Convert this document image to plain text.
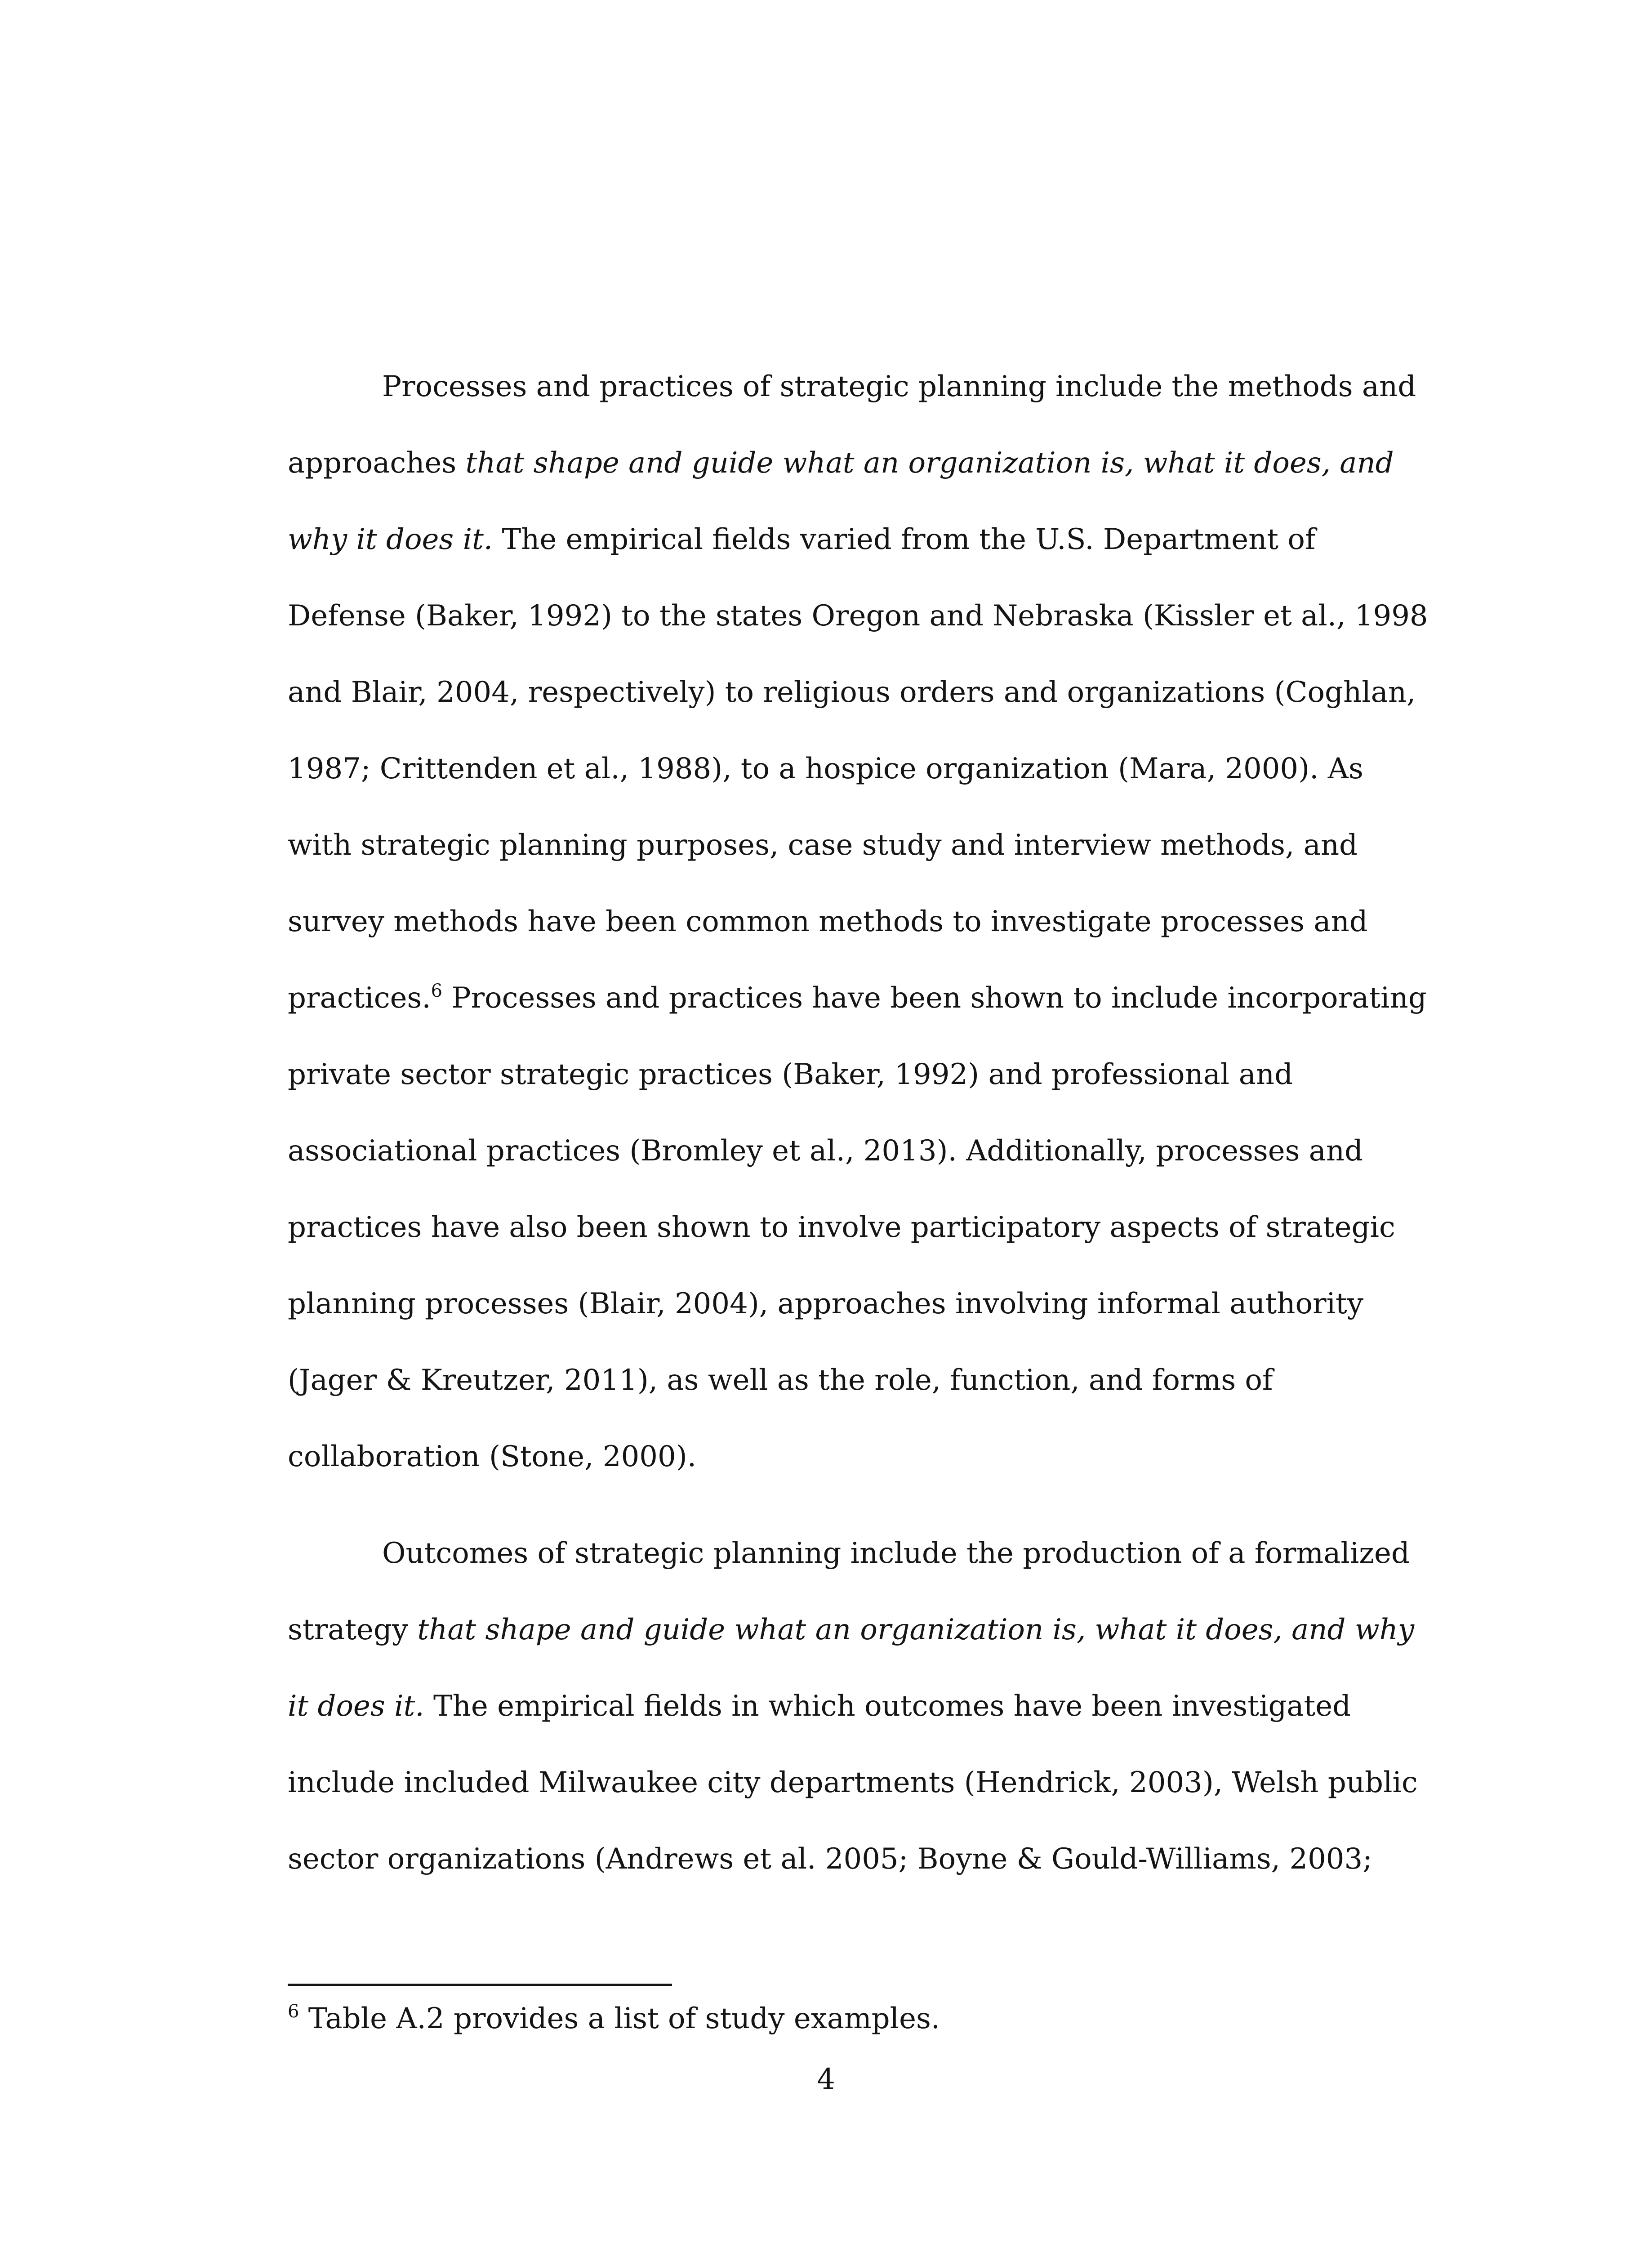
Processes and practices of strategic planning include the methods and
approaches that shape and guide what an organization is, what it does, and
why it does it. The empirical fields varied from the U.S. Department of
Defense (Baker, 1992) to the states Oregon and Nebraska (Kissler et al., 1998
and Blair, 2004, respectively) to religious orders and organizations (Coghlan,
1987; Crittenden et al., 1988), to a hospice organization (Mara, 2000). As
with strategic planning purposes, case study and interview methods, and
survey methods have been common methods to investigate processes and
practices.$^6$ Processes and practices have been shown to include incorporating
private sector strategic practices (Baker, 1992) and professional and
associational practices (Bromley et al., 2013). Additionally, processes and
practices have also been shown to involve participatory aspects of strategic
planning processes (Blair, 2004), approaches involving informal authority
(Jager & Kreutzer, 2011), as well as the role, function, and forms of
collaboration (Stone, 2000).
Outcomes of strategic planning include the production of a formalized
strategy that shape and guide what an organization is, what it does, and why
it does it. The empirical fields in which outcomes have been investigated
include included Milwaukee city departments (Hendrick, 2003), Welsh public
sector organizations (Andrews et al. 2005; Boyne & Gould-Williams, 2003;
$^6$ Table A.2 provides a list of study examples.
4
